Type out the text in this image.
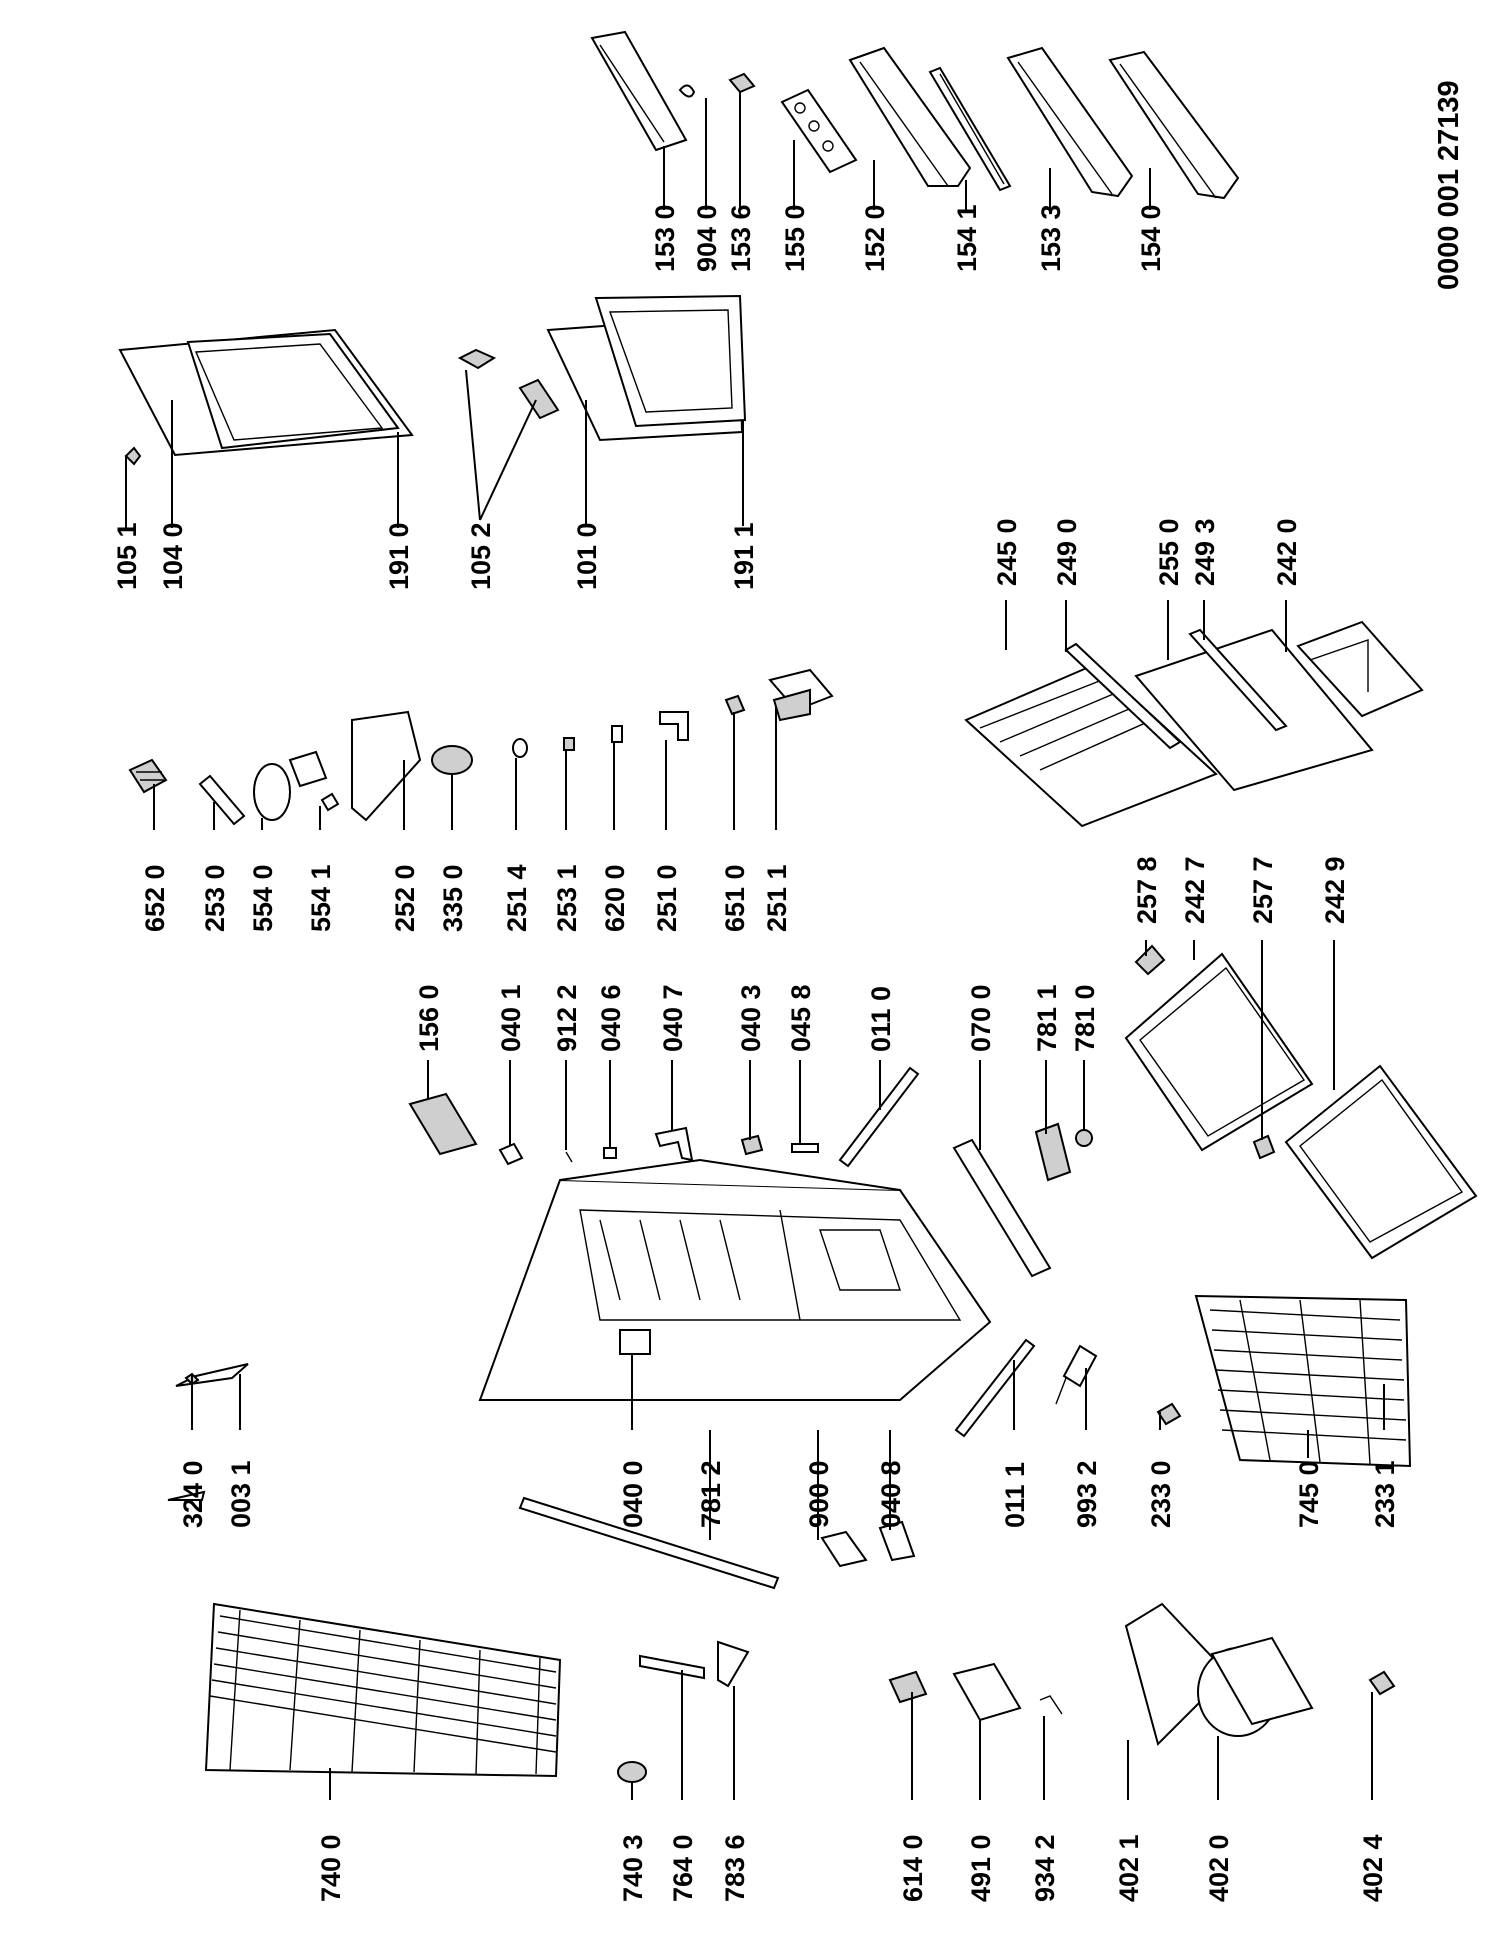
105 1 104 0	191 0 105 2	101 0	191 1
153 0 904 0 153 6 155 0 152 0 154 1 153 3	154 0
652 0 253 0 554 0 554 1 252 0 335 0 251 4 253 1 620 0 251 0 651 0 251 1
245 0 249 0	255 0 249 3 242 0
257 8 242 7 257 7 242 9
156 0 040 1 912 2 040 6 040 7 040 3 045 8 011 0	070 0 781 1 781 0
324 0 003 1	040 0 781 2	900 0 040 8	011 1 993 2 233 0	745 0 233 1
740 0	740 3 764 0 783 6	614 0 491 0 934 2 402 1 402 0	402 4
0000 001 27139
